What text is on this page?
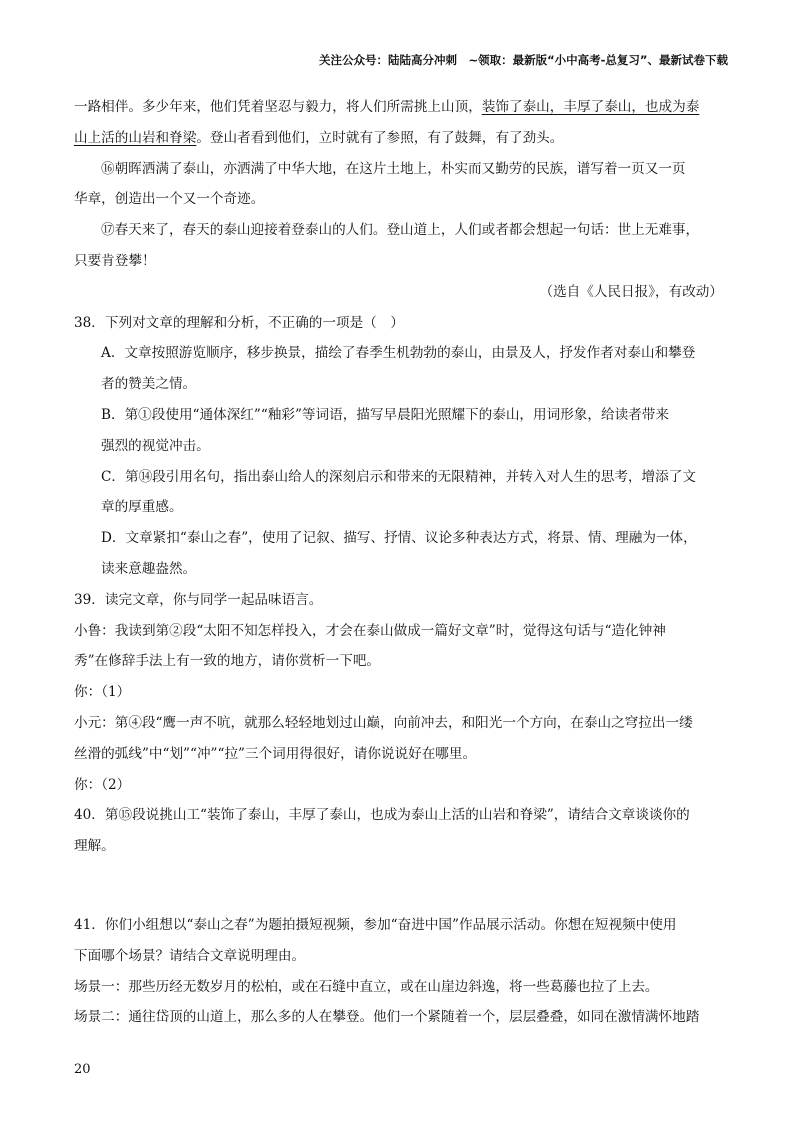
关注公众号：陆陆高分冲刺　~领取：最新版“小中高考-总复习”、最新试卷下载

一路相伴。多少年来，他们凭着坚忍与毅力，将人们所需挑上山顶，装饰了泰山，丰厚了泰山，也成为泰

山上活的山岩和脊梁。登山者看到他们，立时就有了参照，有了鼓舞，有了劲头。

⑯朝晖洒满了泰山，亦洒满了中华大地，在这片土地上，朴实而又勤劳的民族，谱写着一页又一页

华章，创造出一个又一个奇迹。

⑰春天来了，春天的泰山迎接着登泰山的人们。登山道上，人们或者都会想起一句话：世上无难事，

只要肯登攀！

（选自《人民日报》，有改动）

38．下列对文章的理解和分析，不正确的一项是（　）

A．文章按照游览顺序，移步换景，描绘了春季生机勃勃的泰山，由景及人，抒发作者对泰山和攀登

者的赞美之情。

B．第①段使用“通体深红”“釉彩”等词语，描写早晨阳光照耀下的泰山，用词形象，给读者带来

强烈的视觉冲击。

C．第⑭段引用名句，指出泰山给人的深刻启示和带来的无限精神，并转入对人生的思考，增添了文

章的厚重感。

D．文章紧扣“泰山之春”，使用了记叙、描写、抒情、议论多种表达方式，将景、情、理融为一体，

读来意趣盎然。

39．读完文章，你与同学一起品味语言。

小鲁：我读到第②段“太阳不知怎样投入，才会在泰山做成一篇好文章”时，觉得这句话与“造化钟神

秀”在修辞手法上有一致的地方，请你赏析一下吧。

你：（1）

小元：第④段“鹰一声不吭，就那么轻轻地划过山巅，向前冲去，和阳光一个方向，在泰山之穹拉出一缕

丝滑的弧线”中“划”“冲”“拉”三个词用得很好，请你说说好在哪里。

你：（2）

40．第⑮段说挑山工“装饰了泰山，丰厚了泰山，也成为泰山上活的山岩和脊梁”，请结合文章谈谈你的

理解。

41．你们小组想以“泰山之春”为题拍摄短视频，参加“奋进中国”作品展示活动。你想在短视频中使用

下面哪个场景？请结合文章说明理由。

场景一：那些历经无数岁月的松柏，或在石缝中直立，或在山崖边斜逸，将一些葛藤也拉了上去。

场景二：通往岱顶的山道上，那么多的人在攀登。他们一个紧随着一个，层层叠叠，如同在激情满怀地踏

20
